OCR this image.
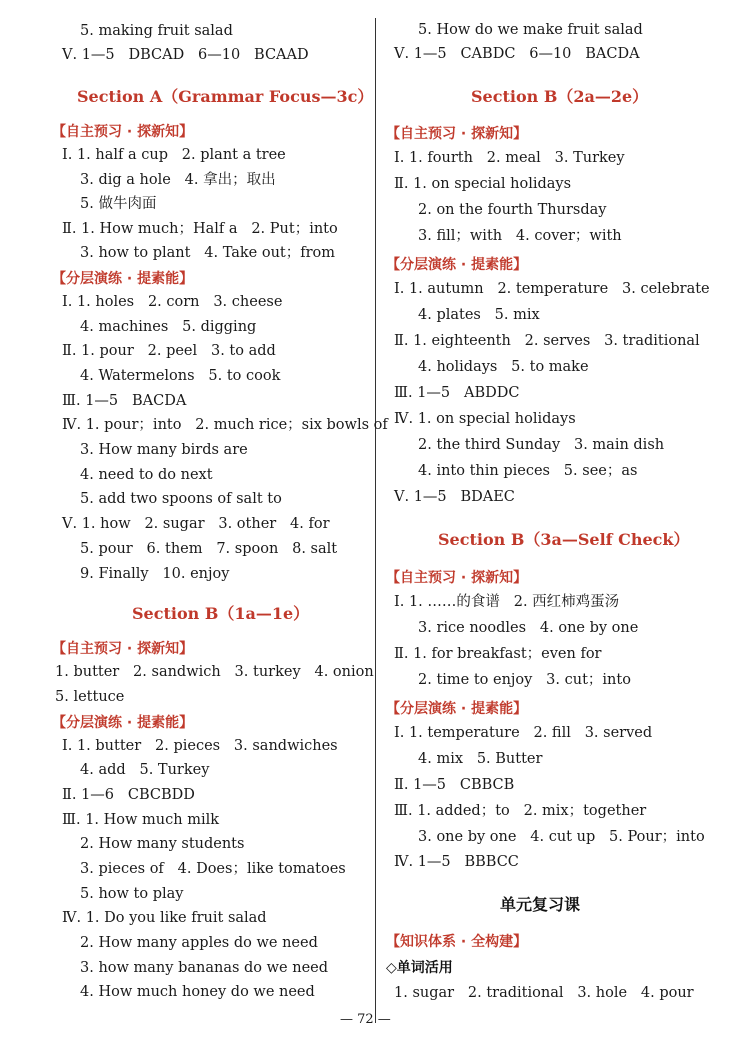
5. making fruit salad
Ⅴ. 1—5   DBCAD   6—10   BCAAD
Section A（Grammar Focus—3c）
【自主预习 · 探新知】
Ⅰ. 1. half a cup   2. plant a tree
3. dig a hole   4. 拿出；取出
5. 做牛肉面
Ⅱ. 1. How much；Half a   2. Put；into
3. how to plant   4. Take out；from
【分层演练 · 提素能】
Ⅰ. 1. holes   2. corn   3. cheese
4. machines   5. digging
Ⅱ. 1. pour   2. peel   3. to add
4. Watermelons   5. to cook
Ⅲ. 1—5   BACDA
Ⅳ. 1. pour；into   2. much rice；six bowls of
3. How many birds are
4. need to do next
5. add two spoons of salt to
Ⅴ. 1. how   2. sugar   3. other   4. for
5. pour   6. them   7. spoon   8. salt
9. Finally   10. enjoy
Section B（1a—1e）
【自主预习 · 探新知】
1. butter   2. sandwich   3. turkey   4. onion
5. lettuce
【分层演练 · 提素能】
Ⅰ. 1. butter   2. pieces   3. sandwiches
4. add   5. Turkey
Ⅱ. 1—6   CBCBDD
Ⅲ. 1. How much milk
2. How many students
3. pieces of   4. Does；like tomatoes
5. how to play
Ⅳ. 1. Do you like fruit salad
2. How many apples do we need
3. how many bananas do we need
4. How much honey do we need
5. How do we make fruit salad
Ⅴ. 1—5   CABDC   6—10   BACDA
Section B（2a—2e）
【自主预习 · 探新知】
Ⅰ. 1. fourth   2. meal   3. Turkey
Ⅱ. 1. on special holidays
2. on the fourth Thursday
3. fill；with   4. cover；with
【分层演练 · 提素能】
Ⅰ. 1. autumn   2. temperature   3. celebrate
4. plates   5. mix
Ⅱ. 1. eighteenth   2. serves   3. traditional
4. holidays   5. to make
Ⅲ. 1—5   ABDDC
Ⅳ. 1. on special holidays
2. the third Sunday   3. main dish
4. into thin pieces   5. see；as
Ⅴ. 1—5   BDAEC
Section B（3a—Self Check）
【自主预习 · 探新知】
Ⅰ. 1. ……的食谱   2. 西红柿鸡蛋汤
3. rice noodles   4. one by one
Ⅱ. 1. for breakfast；even for
2. time to enjoy   3. cut；into
【分层演练 · 提素能】
Ⅰ. 1. temperature   2. fill   3. served
4. mix   5. Butter
Ⅱ. 1—5   CBBCB
Ⅲ. 1. added；to   2. mix；together
3. one by one   4. cut up   5. Pour；into
Ⅳ. 1—5   BBBCC
单元复习课
【知识体系 · 全构建】
◇单词活用
1. sugar   2. traditional   3. hole   4. pour
— 72 —
